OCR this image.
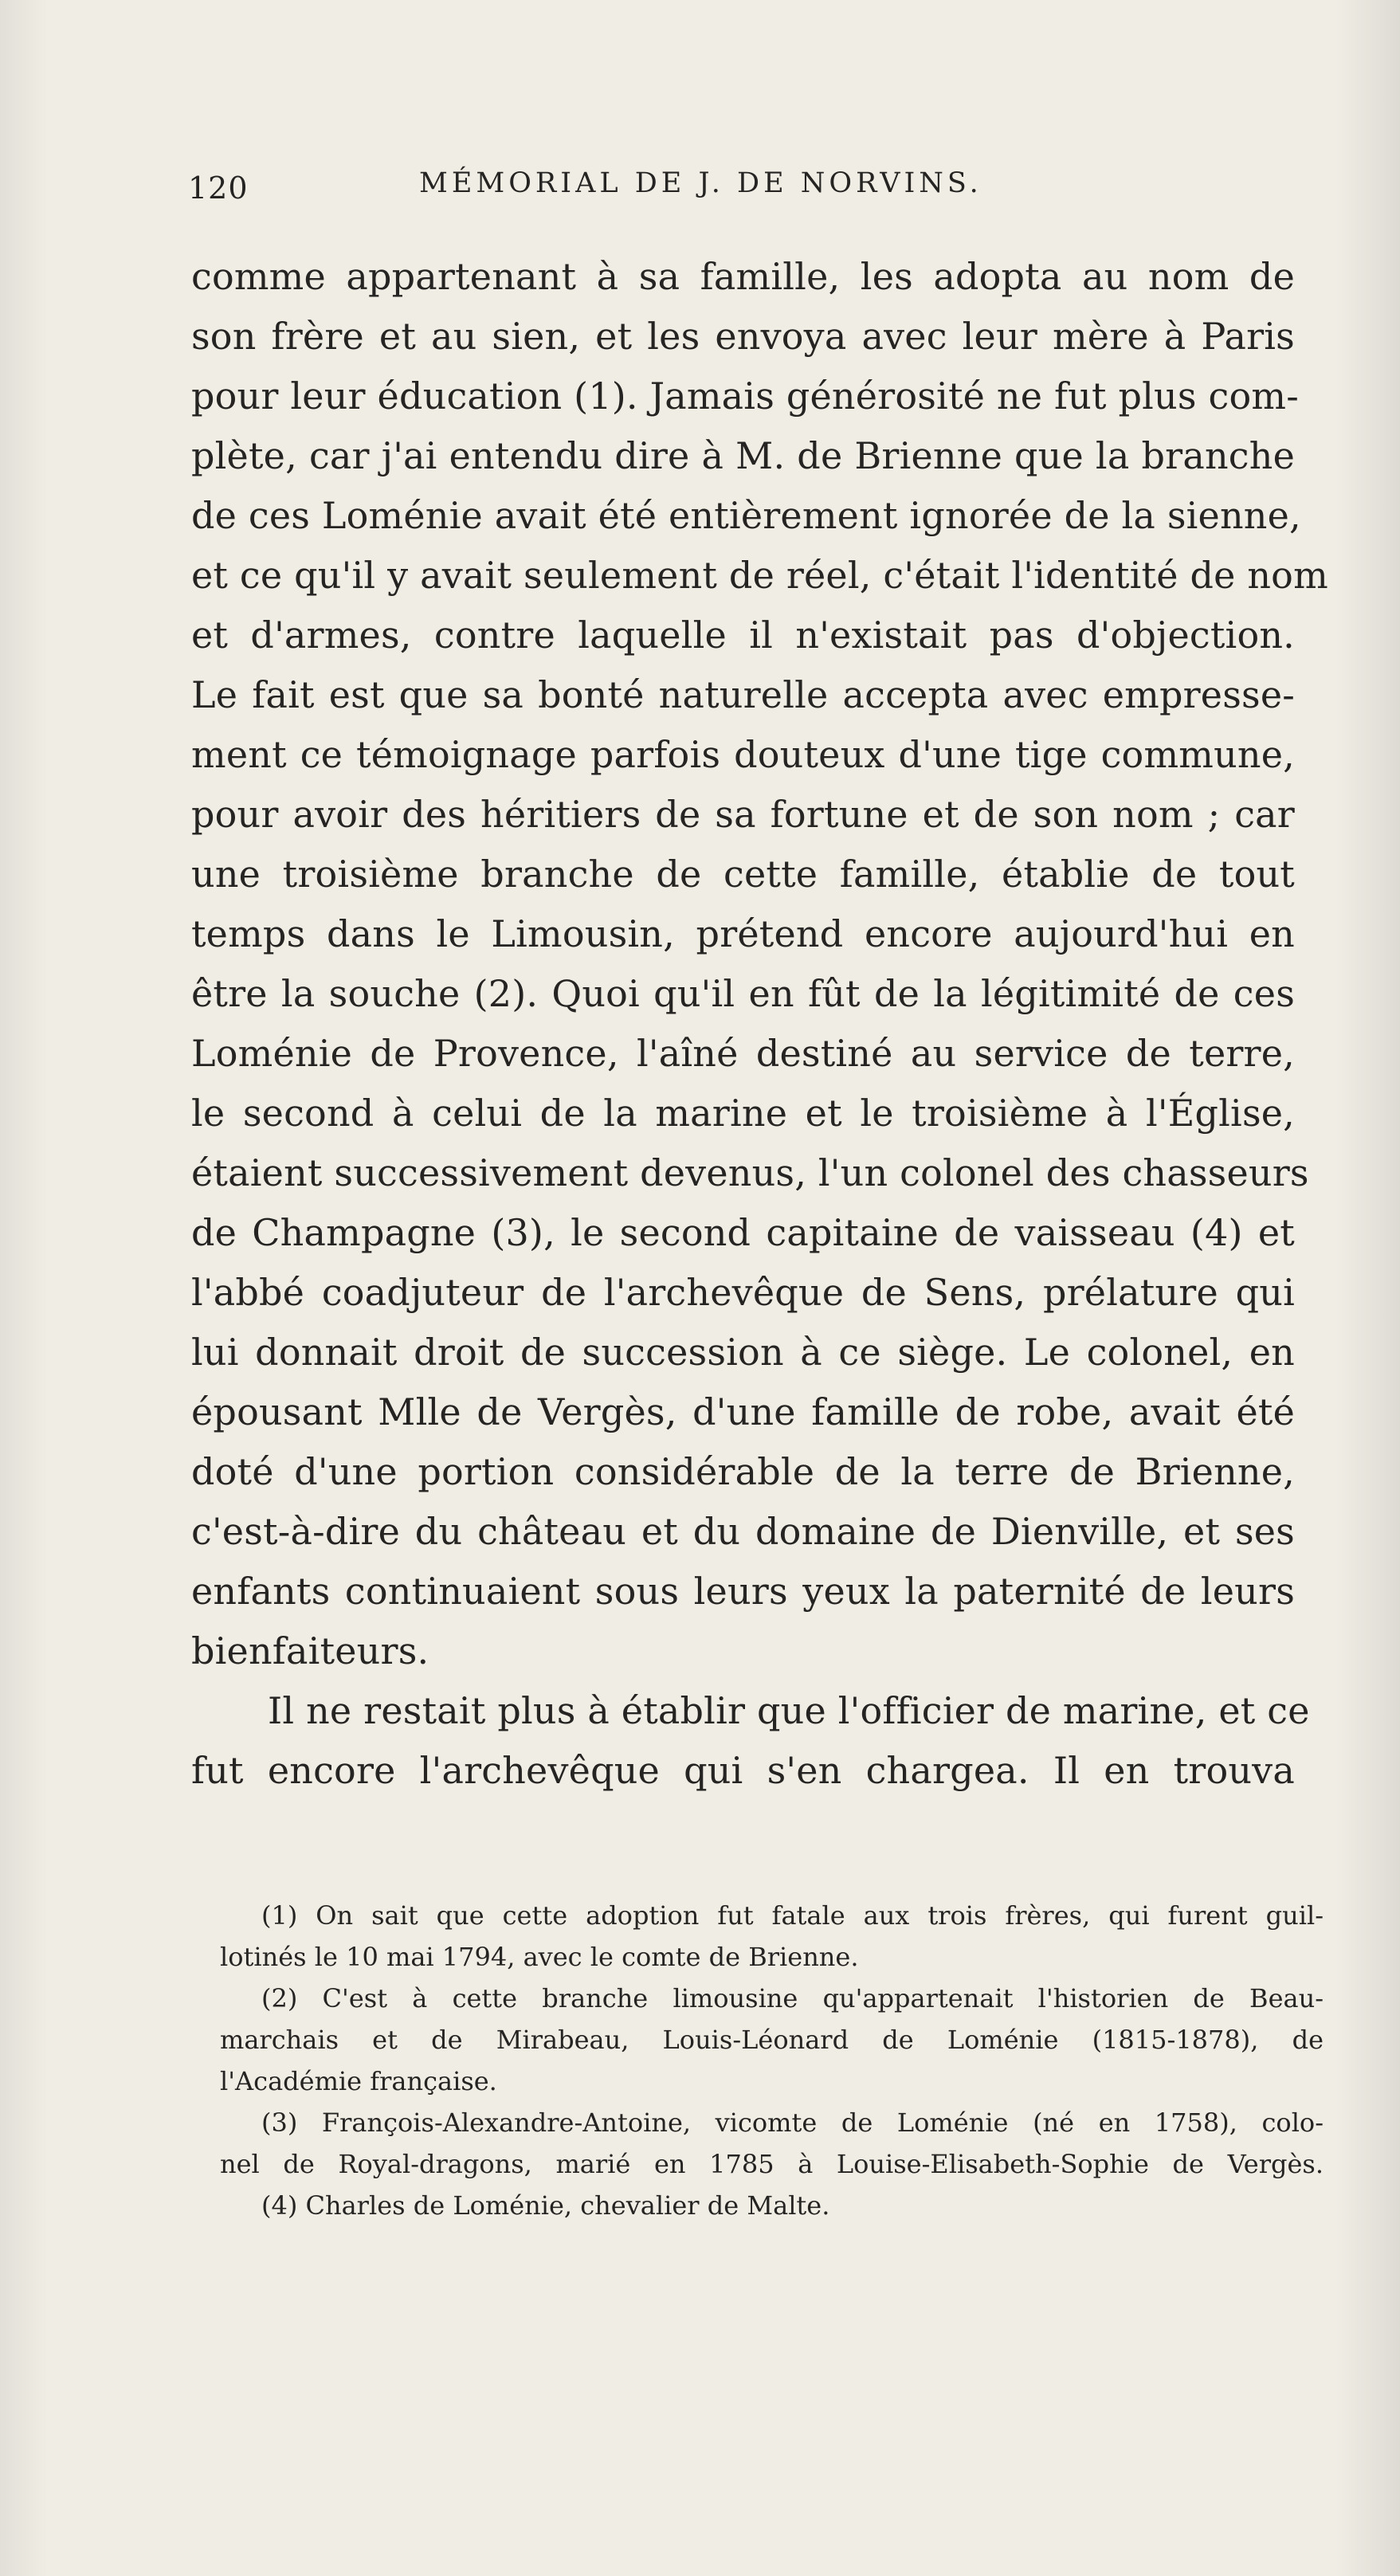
120	MÉMORIAL DE J. DE NORVINS.
comme appartenant à sa famille, les adopta au nom de
son frère et au sien, et les envoya avec leur mère à Paris
pour leur éducation (1). Jamais générosité ne fut plus com-
plète, car j'ai entendu dire à M. de Brienne que la branche
de ces Loménie avait été entièrement ignorée de la sienne,
et ce qu'il y avait seulement de réel, c'était l'identité de nom
et d'armes, contre laquelle il n'existait pas d'objection.
Le fait est que sa bonté naturelle accepta avec empresse-
ment ce témoignage parfois douteux d'une tige commune,
pour avoir des héritiers de sa fortune et de son nom ; car
une troisième branche de cette famille, établie de tout
temps dans le Limousin, prétend encore aujourd'hui en
être la souche (2). Quoi qu'il en fût de la légitimité de ces
Loménie de Provence, l'aîné destiné au service de terre,
le second à celui de la marine et le troisième à l'Église,
étaient successivement devenus, l'un colonel des chasseurs
de Champagne (3), le second capitaine de vaisseau (4) et
l'abbé coadjuteur de l'archevêque de Sens, prélature qui
lui donnait droit de succession à ce siège. Le colonel, en
épousant Mlle de Vergès, d'une famille de robe, avait été
doté d'une portion considérable de la terre de Brienne,
c'est-à-dire du château et du domaine de Dienville, et ses
enfants continuaient sous leurs yeux la paternité de leurs
bienfaiteurs.
Il ne restait plus à établir que l'officier de marine, et ce
fut encore l'archevêque qui s'en chargea. Il en trouva
(1) On sait que cette adoption fut fatale aux trois frères, qui furent guil-
lotinés le 10 mai 1794, avec le comte de Brienne.
(2) C'est à cette branche limousine qu'appartenait l'historien de Beau-
marchais et de Mirabeau, Louis-Léonard de Loménie (1815-1878), de
l'Académie française.
(3) François-Alexandre-Antoine, vicomte de Loménie (né en 1758), colo-
nel de Royal-dragons, marié en 1785 à Louise-Elisabeth-Sophie de Vergès.
(4) Charles de Loménie, chevalier de Malte.
